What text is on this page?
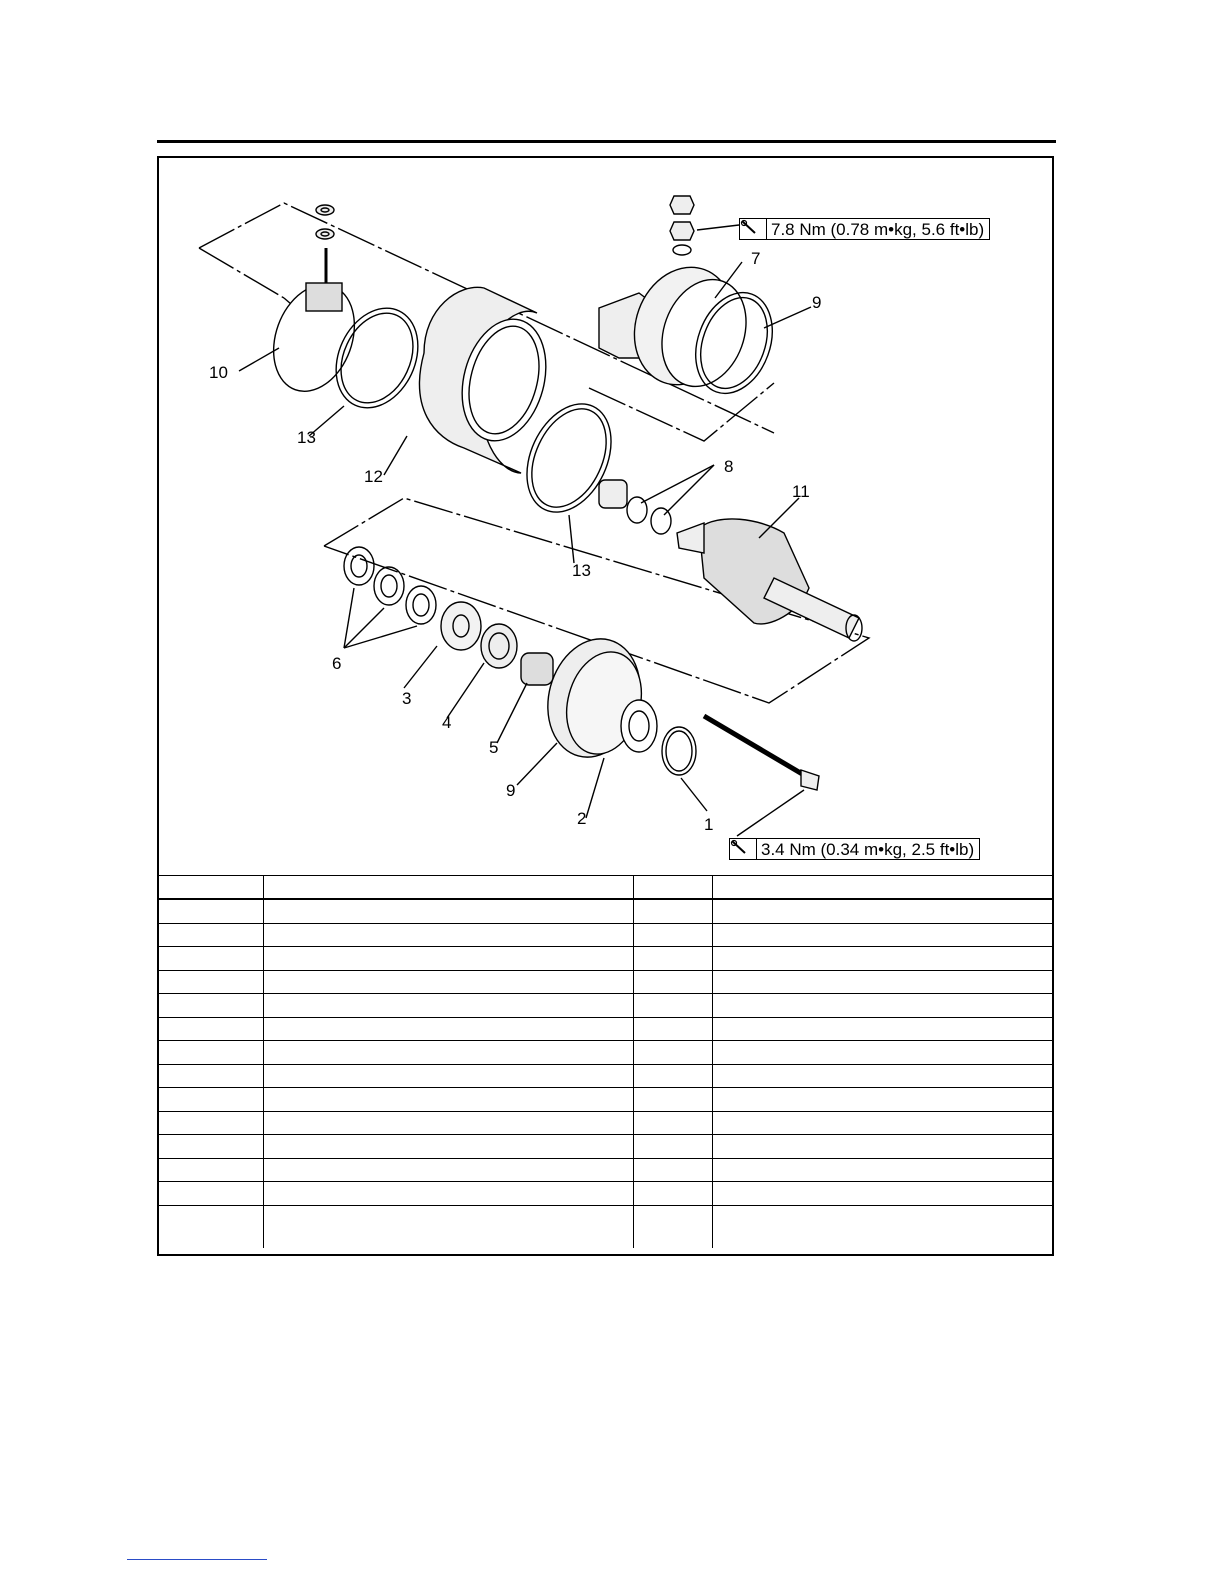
7.8 Nm (0.78 m•kg, 5.6 ft•lb)
3.4 Nm (0.34 m•kg, 2.5 ft•lb)
1
2
3
4
5
6
7
8
9
9
10
11
12
13
13
